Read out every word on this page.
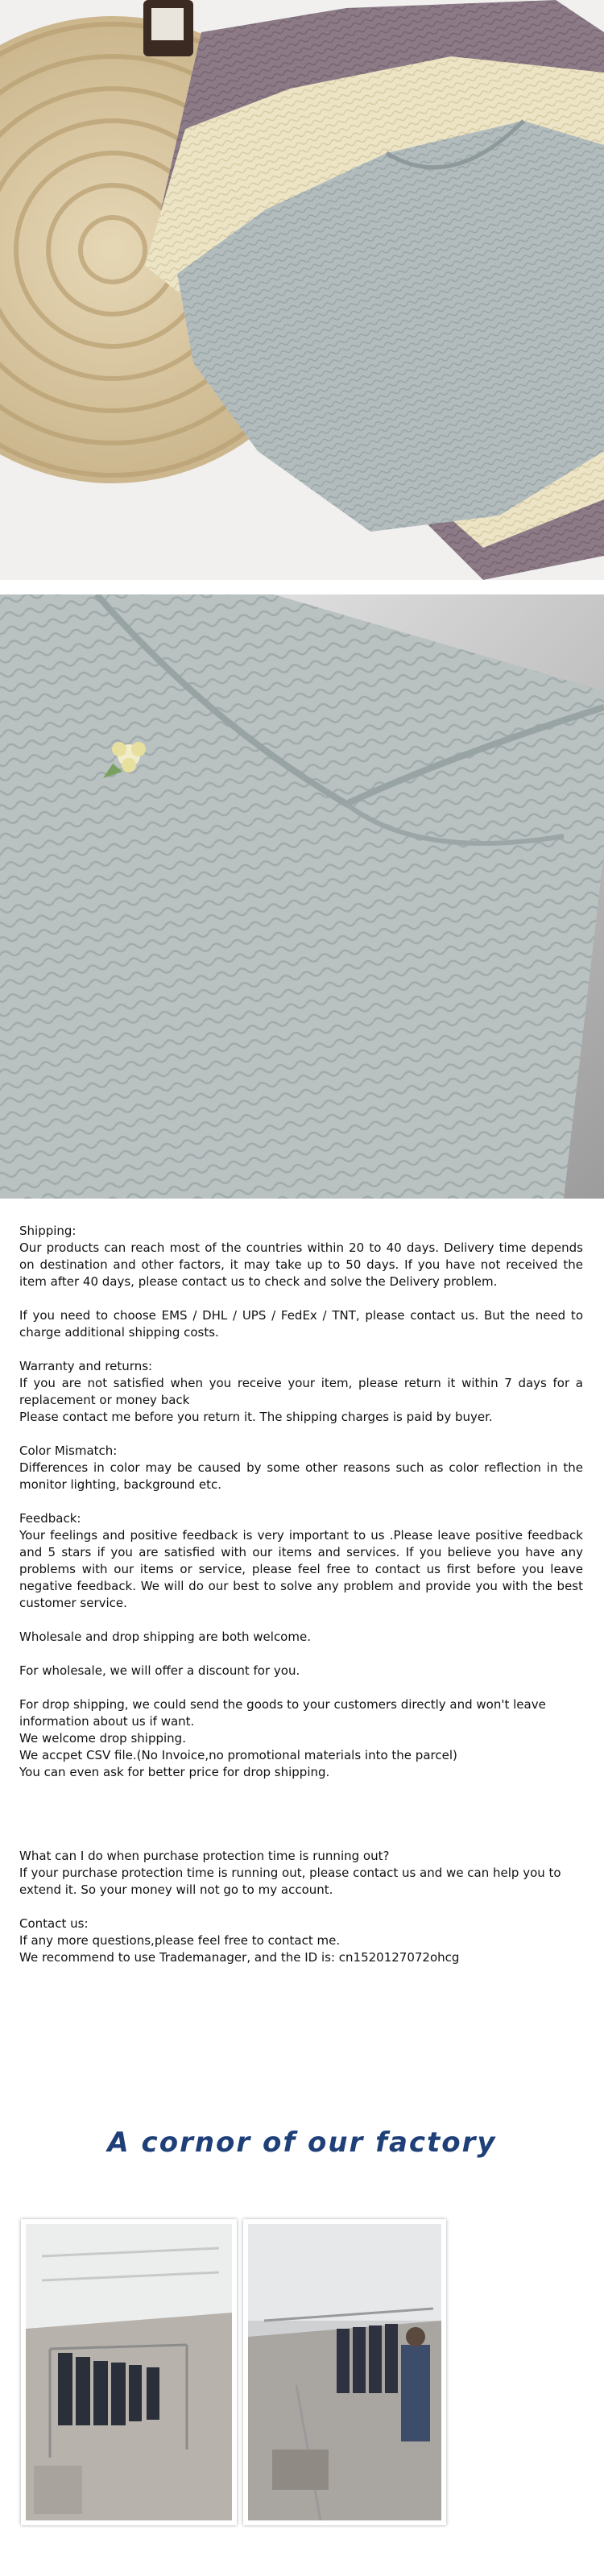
Shipping:
Our products can reach most of the countries within 20 to 40 days. Delivery time depends on destination and other factors, it may take up to 50 days. If you have not received the item after 40 days, please contact us to check and solve the Delivery problem.

If you need to choose EMS / DHL / UPS / FedEx / TNT, please contact us. But the need to charge additional shipping costs.

Warranty and returns:
If you are not satisfied when you receive your item, please return it within 7 days for a replacement or money back
Please contact me before you return it. The shipping charges is paid by buyer.

Color Mismatch:
Differences in color may be caused by some other reasons such as color reflection in the monitor lighting, background etc.

Feedback:
Your feelings and positive feedback is very important to us .Please leave positive feedback and 5 stars if you are satisfied with our items and services. If you believe you have any problems with our items or service, please feel free to contact us first before you leave negative feedback. We will do our best to solve any problem and provide you with the best customer service.

Wholesale and drop shipping are both welcome.

For wholesale, we will offer a discount for you.

For drop shipping, we could send the goods to your customers directly and won't leave information about us if want.
We welcome drop shipping.
We accpet CSV file.(No Invoice,no promotional materials into the parcel)
You can even ask for better price for drop shipping.

What can I do when purchase protection time is running out?
If your purchase protection time is running out, please contact us and we can help you to extend it. So your money will not go to my account.

Contact us:
If any more questions,please feel free to contact me.
We recommend to use Trademanager, and the ID is: cn1520127072ohcg

A cornor of our factory
